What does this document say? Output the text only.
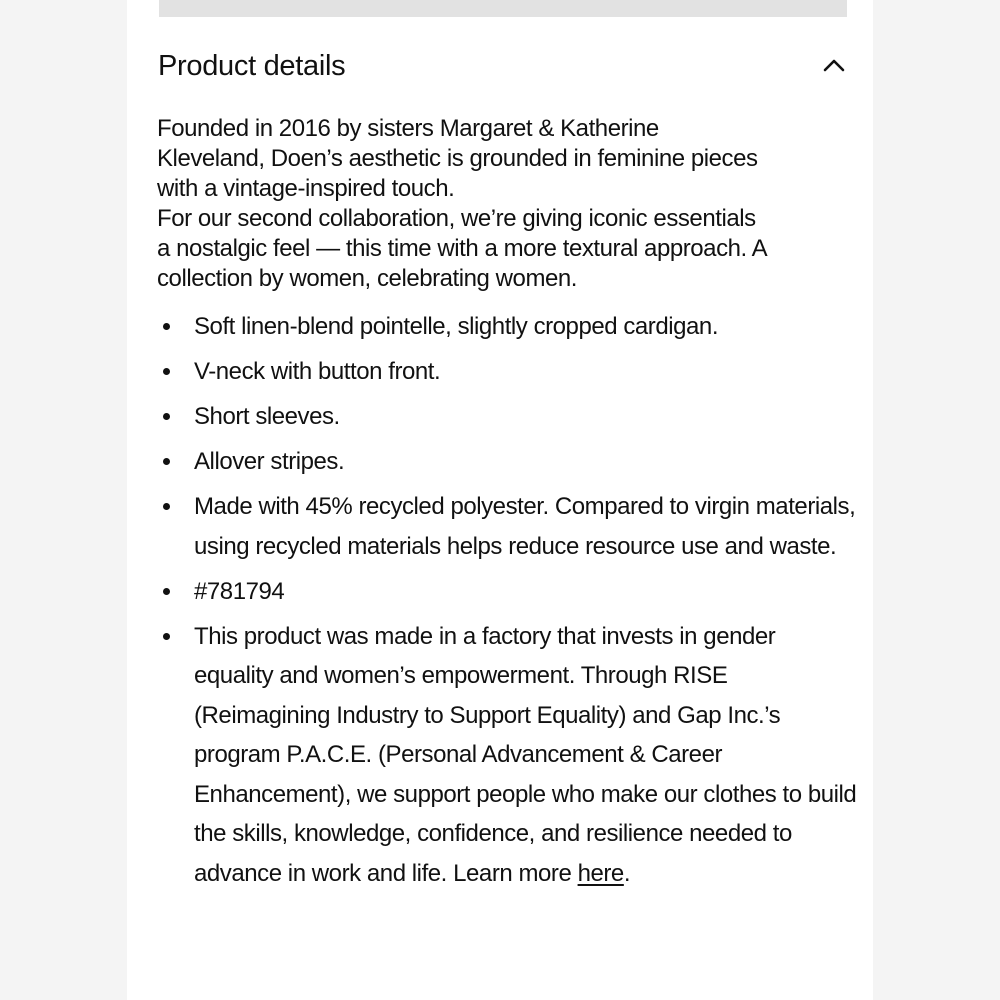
Product details

Founded in 2016 by sisters Margaret & Katherine
Kleveland, Doen’s aesthetic is grounded in feminine pieces
with a vintage-inspired touch.
For our second collaboration, we’re giving iconic essentials
a nostalgic feel — this time with a more textural approach. A
collection by women, celebrating women.

Soft linen-blend pointelle, slightly cropped cardigan.
V-neck with button front.
Short sleeves.
Allover stripes.
Made with 45% recycled polyester. Compared to virgin materials, using recycled materials helps reduce resource use and waste.
#781794
This product was made in a factory that invests in gender equality and women’s empowerment. Through RISE (Reimagining Industry to Support Equality) and Gap Inc.’s program P.A.C.E. (Personal Advancement & Career Enhancement), we support people who make our clothes to build the skills, knowledge, confidence, and resilience needed to advance in work and life. Learn more here.
